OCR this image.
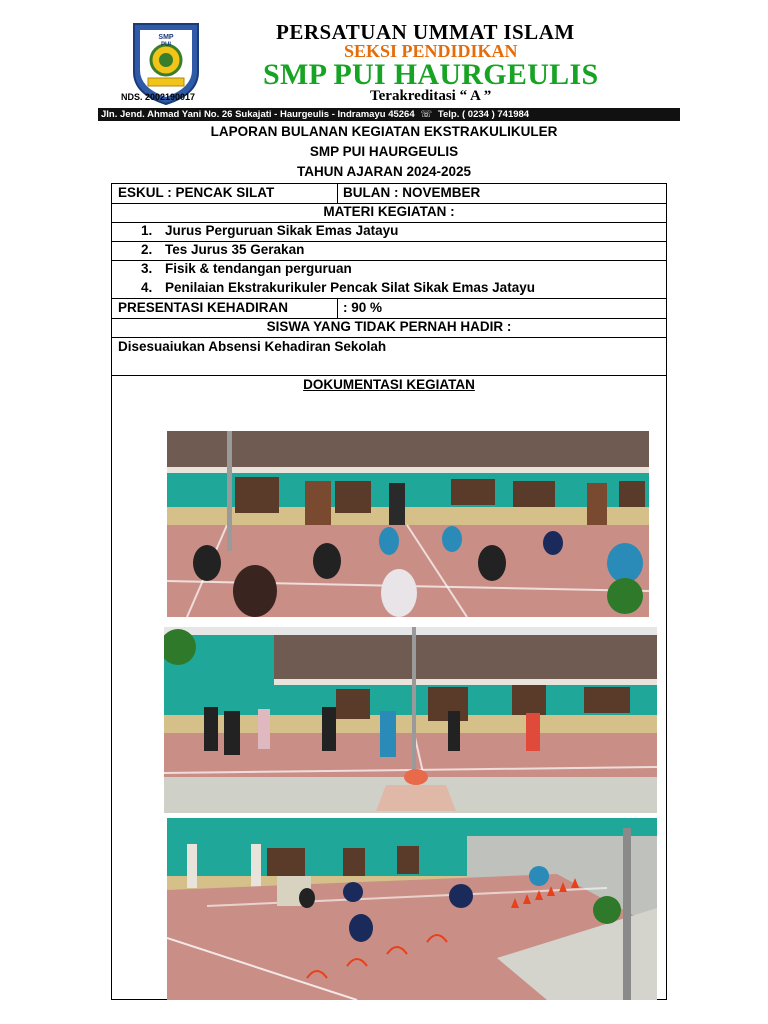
SMP
PUI
NDS. 2002190017
PERSATUAN UMMAT ISLAM
SEKSI PENDIDIKAN
SMP PUI HAURGEULIS
Terakreditasi “ A ”
Jln. Jend. Ahmad Yani No. 26 Sukajati - Haurgeulis - Indramayu 45264 ☏ Telp. ( 0234 ) 741984
LAPORAN BULANAN KEGIATAN EKSTRAKULIKULER
SMP PUI HAURGEULIS
TAHUN AJARAN 2024-2025
ESKUL : PENCAK SILAT	BULAN : NOVEMBER
MATERI KEGIATAN :
1. Jurus Perguruan Sikak Emas Jatayu
2. Tes Jurus 35 Gerakan
3. Fisik & tendangan perguruan
4. Penilaian Ekstrakurikuler Pencak Silat Sikak Emas Jatayu
PRESENTASI KEHADIRAN	: 90 %
SISWA YANG TIDAK PERNAH HADIR :
Disesuaiukan Absensi Kehadiran Sekolah
DOKUMENTASI KEGIATAN
